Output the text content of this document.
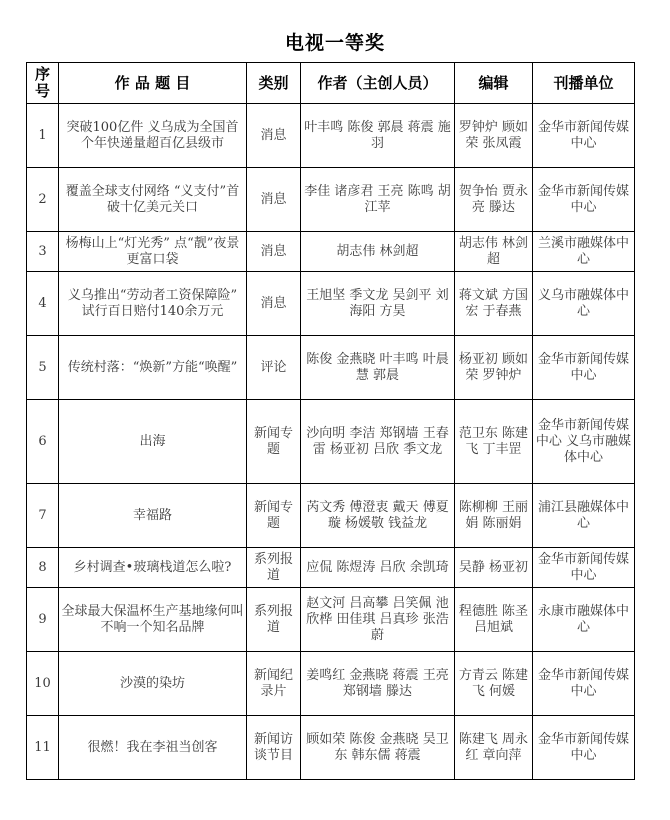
电视一等奖
序号	作 品 题 目	类别	作者（主创人员）	编辑	刊播单位
1	突破100亿件 义乌成为全国首个年快递量超百亿县级市	消息	叶丰鸣 陈俊 郭晨 蒋震 施羽	罗钟炉 顾如荣 张凤霞	金华市新闻传媒中心
2	覆盖全球支付网络 “义支付”首破十亿美元关口	消息	李佳 诸彦君 王亮 陈鸣 胡江苹	贺争怡 贾永亮 滕达	金华市新闻传媒中心
3	杨梅山上“灯光秀” 点“靓”夜景更富口袋	消息	胡志伟 林剑超	胡志伟 林剑超	兰溪市融媒体中心
4	义乌推出“劳动者工资保障险” 试行百日赔付140余万元	消息	王旭坚 季文龙 吴剑平 刘海阳 方昊	蒋文斌 方国宏 于春燕	义乌市融媒体中心
5	传统村落：“焕新”方能“唤醒”	评论	陈俊 金燕晓 叶丰鸣 叶晨慧 郭晨	杨亚初 顾如荣 罗钟炉	金华市新闻传媒中心
6	出海	新闻专题	沙向明 李洁 郑钢墙 王春雷 杨亚初 吕欣 季文龙	范卫东 陈建飞 丁丰罡	金华市新闻传媒中心 义乌市融媒体中心
7	幸福路	新闻专题	芮文秀 傅澄衷 戴天 傅夏璇 杨媛敬 钱益龙	陈柳柳 王丽娟 陈丽娟	浦江县融媒体中心
8	乡村调查•玻璃栈道怎么啦?	系列报道	应侃 陈煜涛 吕欣 余凯琦	吴静 杨亚初	金华市新闻传媒中心
9	全球最大保温杯生产基地缘何叫不响一个知名品牌	系列报道	赵文河 吕高攀 吕笑佩 池欣桦 田佳琪 吕真珍 张浩蔚	程德胜 陈圣 吕旭斌	永康市融媒体中心
10	沙漠的染坊	新闻纪录片	姜鸣红 金燕晓 蒋震 王亮 郑钢墙 滕达	方青云 陈建飞 何媛	金华市新闻传媒中心
11	很燃！我在李祖当创客	新闻访谈节目	顾如荣 陈俊 金燕晓 吴卫东 韩东儒 蒋震	陈建飞 周永红 章向萍	金华市新闻传媒中心
